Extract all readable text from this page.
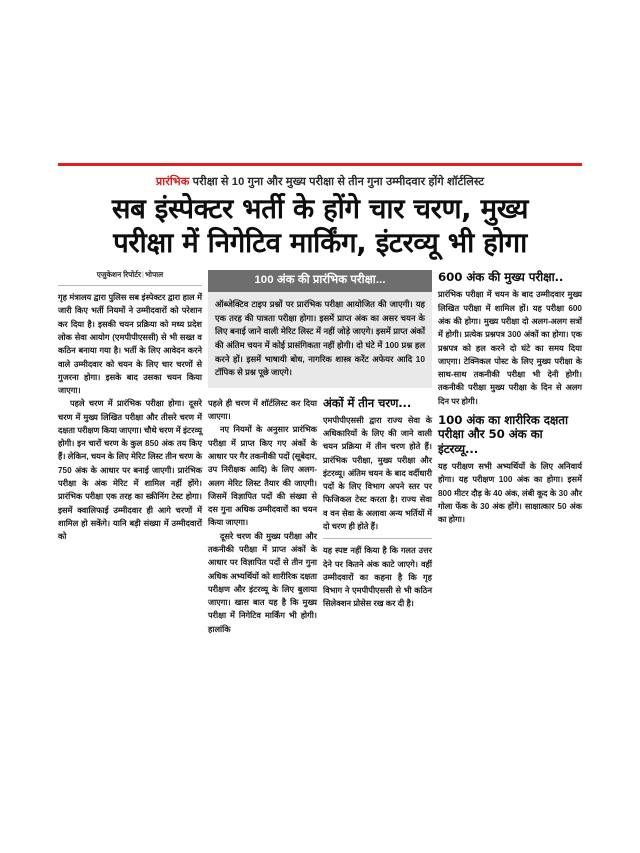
प्रारंभिक परीक्षा से 10 गुना और मुख्य परीक्षा से तीन गुना उम्मीदवार होंगे शॉर्टलिस्ट
सब इंस्पेक्टर भर्ती के होंगे चार चरण, मुख्य
परीक्षा में निगेटिव मार्किंग, इंटरव्यू भी होगा
एजुकेशन रिपोर्टर|भोपाल

गृह मंत्रालय द्वारा पुलिस सब इंस्पेक्टर द्वारा हाल में जारी किए भर्ती नियमों ने उम्मीदवारों को परेशान कर दिया है। इसकी चयन प्रक्रिया को मध्य प्रदेश लोक सेवा आयोग (एमपीपीएससी) से भी सख्त व कठिन बनाया गया है। भर्ती के लिए आवेदन करने वाले उम्मीदवार को चयन के लिए चार चरणों से गुजरना होगा। इसके बाद उसका चयन किया जाएगा।

पहले चरण में प्रारंभिक परीक्षा होगा। दूसरे चरण में मुख्य लिखित परीक्षा और तीसरे चरण में दक्षता परीक्षण किया जाएगा। चौथे चरण में इंटरव्यू होगी। इन चारों चरण के कुल 850 अंक तय किए हैं। लेकिन, चयन के लिए मेरिट लिस्ट तीन चरण के 750 अंक के आधार पर बनाई जाएगी। प्रारंभिक परीक्षा के अंक मेरिट में शामिल नहीं होंगे। प्रारंभिक परीक्षा एक तरह का स्क्रीनिंग टेस्ट होगा। इसमें क्वालिफाई उम्मीदवार ही आगे चरणों में शामिल हो सकेंगे। यानि बड़ी संख्या में उम्मीदवारों को

100 अंक की प्रारंभिक परीक्षा...

ऑब्जेक्टिव टाइप प्रश्नों पर प्रारंभिक परीक्षा आयोजित की जाएगी। यह एक तरह की पात्रता परीक्षा होगा। इसमें प्राप्त अंक का असर चयन के लिए बनाई जाने वाली मेरिट लिस्ट में नहीं जोड़े जाएगे। इसमें प्राप्त अंकों की अंतिम चयन में कोई प्रासंगिकता नहीं होगी। दो घंटे में 100 प्रश्न हल करने हों। इसमें भाषायी बोध, नागरिक शास्त्र करेंट अफेयर आदि 10 टॉपिक से प्रश्न पूछे जाएगे।

पहले ही चरण में शॉर्टलिस्ट कर दिया जाएगा।

नए नियमों के अनुसार प्रारंभिक परीक्षा में प्राप्त किए गए अंकों के आधार पर गैर तकनीकी पदों (सूबेदार, उप निरीक्षक आदि) के लिए अलग-अलग मेरिट लिस्ट तैयार की जाएगी। जिसमें विज्ञापित पदों की संख्या से दस गुना अधिक उम्मीदवारों का चयन किया जाएगा।

दूसरे चरण की मुख्य परीक्षा और तकनीकी परीक्षा में प्राप्त अंकों के आधार पर विज्ञापित पदों से तीन गुना अधिक अभ्यर्थियों को शारीरिक दक्षता परीक्षण और इंटरव्यू के लिए बुलाया जाएगा। खास बात यह है कि मुख्य परीक्षा में निगेटिव मार्किंग भी होगी। हालांकि

अंकों में तीन चरण...

एमपीपीएससी द्वारा राज्य सेवा के अधिकारियों के लिए की जाने वाली चयन प्रक्रिया में तीन चरण होते हैं। प्रारंभिक परीक्षा, मुख्य परीक्षा और इंटरव्यू। अंतिम चयन के बाद वर्दीधारी पदों के लिए विभाग अपने स्तर पर फिजिकल टेस्ट करता है। राज्य सेवा व वन सेवा के अलावा अन्य भर्तियों में दो चरण ही होते हैं।

यह स्पष्ट नहीं किया है कि गलत उत्तर देने पर कितने अंक काटे जाएगे। वहीं उम्मीदवारों का कहना है कि गृह विभाग ने एमपीपीएससी से भी कठिन सिलेक्शन प्रोसेस रख कर दी है।

600 अंक की मुख्य परीक्षा..

प्रारंभिक परीक्षा में चयन के बाद उम्मीदवार मुख्य लिखित परीक्षा में शामिल हों। यह परीक्षा 600 अंक की होगा। मुख्य परीक्षा दो अलग-अलग सत्रों में होगी। प्रत्येक प्रश्नपत्र 300 अंकों का होगा। एक प्रश्नपत्र को हल करने दो घंटे का समय दिया जाएगा। टेक्निकल पोस्ट के लिए मुख्य परीक्षा के साथ-साथ तकनीकी परीक्षा भी देनी होगी। तकनीकी परीक्षा मुख्य परीक्षा के दिन से अलग दिन पर होगी।

100 अंक का शारीरिक दक्षता परीक्षा और 50 अंक का इंटरव्यू...

यह परीक्षण सभी अभ्यर्थियों के लिए अनिवार्य होगा। यह परीक्षण 100 अंक का होगा। इसमें 800 मीटर दौड़ के 40 अंक, लंबी कूद के 30 और गोला फेंक के 30 अंक होंगे। साक्षात्कार 50 अंक का होगा।
